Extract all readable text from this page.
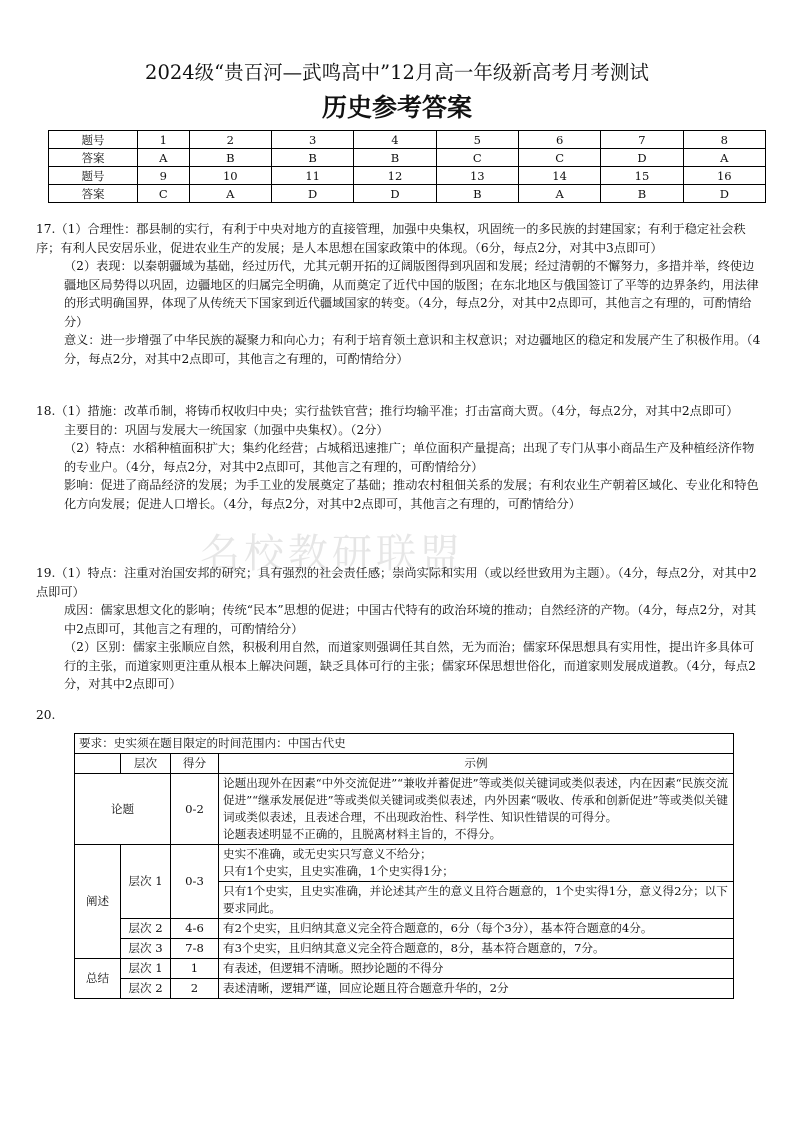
2024级“贵百河—武鸣高中”12月高一年级新高考月考测试
历史参考答案
题号	1	2	3	4	5	6	7	8
答案	A	B	B	B	C	C	D	A
题号	9	10	11	12	13	14	15	16
答案	C	A	D	D	B	A	B	D

17.（1）合理性：郡县制的实行，有利于中央对地方的直接管理，加强中央集权，巩固统一的多民族的封建国家；有利于稳定社会秩序；有利人民安居乐业，促进农业生产的发展；是人本思想在国家政策中的体现。（6分，每点2分，对其中3点即可）

（2）表现：以秦朝疆域为基础，经过历代，尤其元朝开拓的辽阔版图得到巩固和发展；经过清朝的不懈努力，多措并举，终使边疆地区局势得以巩固，边疆地区的归属完全明确，从而奠定了近代中国的版图；在东北地区与俄国签订了平等的边界条约，用法律的形式明确国界，体现了从传统天下国家到近代疆域国家的转变。（4分，每点2分，对其中2点即可，其他言之有理的，可酌情给分）

意义：进一步增强了中华民族的凝聚力和向心力；有利于培育领土意识和主权意识；对边疆地区的稳定和发展产生了积极作用。（4分，每点2分，对其中2点即可，其他言之有理的，可酌情给分）

18.（1）措施：改革币制，将铸币权收归中央；实行盐铁官营；推行均输平准；打击富商大贾。（4分，每点2分，对其中2点即可）

主要目的：巩固与发展大一统国家（加强中央集权）。（2分）

（2）特点：水稻种植面积扩大；集约化经营；占城稻迅速推广；单位面积产量提高；出现了专门从事小商品生产及种植经济作物的专业户。（4分，每点2分，对其中2点即可，其他言之有理的，可酌情给分）

影响：促进了商品经济的发展；为手工业的发展奠定了基础；推动农村租佃关系的发展；有利农业生产朝着区域化、专业化和特色化方向发展；促进人口增长。（4分，每点2分，对其中2点即可，其他言之有理的，可酌情给分）

名校教研联盟

19.（1）特点：注重对治国安邦的研究；具有强烈的社会责任感；崇尚实际和实用（或以经世致用为主题）。（4分，每点2分，对其中2点即可）

成因：儒家思想文化的影响；传统“民本”思想的促进；中国古代特有的政治环境的推动；自然经济的产物。（4分，每点2分，对其中2点即可，其他言之有理的，可酌情给分）

（2）区别：儒家主张顺应自然，积极利用自然，而道家则强调任其自然，无为而治；儒家环保思想具有实用性，提出许多具体可行的主张，而道家则更注重从根本上解决问题，缺乏具体可行的主张；儒家环保思想世俗化，而道家则发展成道教。（4分，每点2分，对其中2点即可）

20.
要求：史实须在题目限定的时间范围内：中国古代史			
	层次	得分	示例
论题		0-2	论题出现外在因素“中外交流促进”“兼收并蓄促进”等或类似关键词或类似表述，内在因素“民族交流促进”“继承发展促进”等或类似关键词或类似表述，内外因素“吸收、传承和创新促进”等或类似关键词或类似表述，且表述合理，不出现政治性、科学性、知识性错误的可得分。
论题表述明显不正确的，且脱离材料主旨的，不得分。

阐述	层次 1	0-3	史实不准确，或无史实只写意义不给分；
只有1个史实，且史实准确，1个史实得1分；

			只有1个史实，且史实准确，并论述其产生的意义且符合题意的，1个史实得1分，意义得2分；以下要求同此。
	层次 2	4-6	有2个史实，且归纳其意义完全符合题意的，6分（每个3分），基本符合题意的4分。
	层次 3	7-8	有3个史实，且归纳其意义完全符合题意的，8分，基本符合题意的，7分。
总结	层次 1	1	有表述，但逻辑不清晰。照抄论题的不得分
	层次 2	2	表述清晰，逻辑严谨，回应论题且符合题意升华的，2分
